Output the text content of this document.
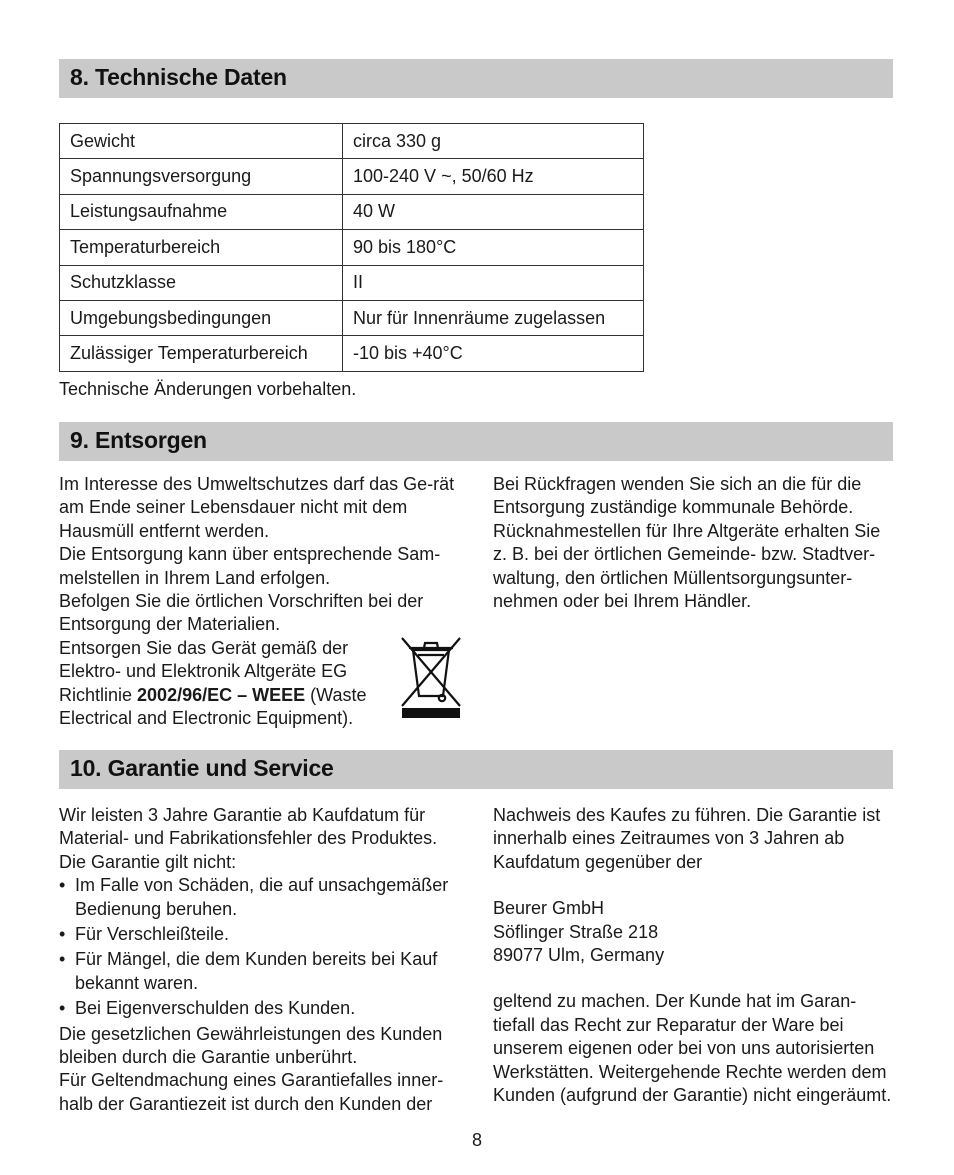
8. Technische Daten
Gewicht	circa 330 g
Spannungsversorgung	100-240 V ~, 50/60 Hz
Leistungsaufnahme	40 W
Temperaturbereich	90 bis 180°C
Schutzklasse	II
Umgebungsbedingungen	Nur für Innenräume zugelassen
Zulässiger Temperaturbereich	-10 bis +40°C
Technische Änderungen vorbehalten.
9. Entsorgen

Im Interesse des Umweltschutzes darf das Ge-rät am Ende seiner Lebensdauer nicht mit dem Hausmüll entfernt werden.

Die Entsorgung kann über entsprechende Sam-melstellen in Ihrem Land erfolgen.

Befolgen Sie die örtlichen Vorschriften bei der Entsorgung der Materialien.

Entsorgen Sie das Gerät gemäß der
Elektro- und Elektronik Altgeräte EG
Richtlinie 2002/96/EC – WEEE (Waste
Electrical and Electronic Equipment).

Bei Rückfragen wenden Sie sich an die für die Entsorgung zuständige kommunale Behörde. Rücknahmestellen für Ihre Altgeräte erhalten Sie z. B. bei der örtlichen Gemeinde- bzw. Stadtver-waltung, den örtlichen Müllentsorgungsunter-nehmen oder bei Ihrem Händler.
10. Garantie und Service

Wir leisten 3 Jahre Garantie ab Kaufdatum für Material- und Fabrikationsfehler des Produktes.

Die Garantie gilt nicht:

• Im Falle von Schäden, die auf unsachgemäßer Bedienung beruhen.
• Für Verschleißteile.
• Für Mängel, die dem Kunden bereits bei Kauf bekannt waren.
• Bei Eigenverschulden des Kunden.

Die gesetzlichen Gewährleistungen des Kunden bleiben durch die Garantie unberührt.

Für Geltendmachung eines Garantiefalles inner-halb der Garantiezeit ist durch den Kunden der

Nachweis des Kaufes zu führen. Die Garantie ist innerhalb eines Zeitraumes von 3 Jahren ab Kaufdatum gegenüber der

Beurer GmbH
Söflinger Straße 218
89077 Ulm, Germany

geltend zu machen. Der Kunde hat im Garan-tiefall das Recht zur Reparatur der Ware bei unserem eigenen oder bei von uns autorisierten Werkstätten. Weitergehende Rechte werden dem Kunden (aufgrund der Garantie) nicht eingeräumt.

8
